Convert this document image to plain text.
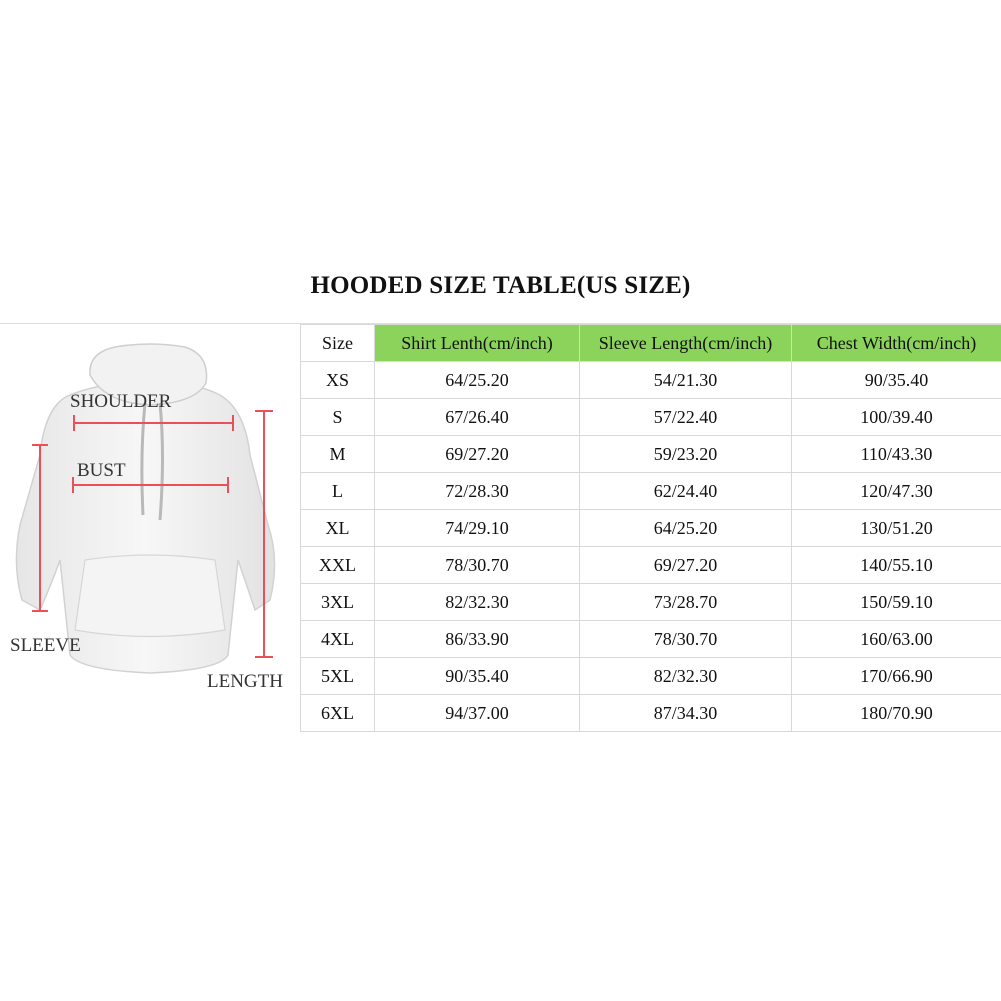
HOODED SIZE TABLE(US SIZE)
SHOULDER
BUST
SLEEVE
LENGTH
Size	Shirt Lenth(cm/inch)	Sleeve Length(cm/inch)	Chest Width(cm/inch)
XS	64/25.20	54/21.30	90/35.40
S	67/26.40	57/22.40	100/39.40
M	69/27.20	59/23.20	110/43.30
L	72/28.30	62/24.40	120/47.30
XL	74/29.10	64/25.20	130/51.20
XXL	78/30.70	69/27.20	140/55.10
3XL	82/32.30	73/28.70	150/59.10
4XL	86/33.90	78/30.70	160/63.00
5XL	90/35.40	82/32.30	170/66.90
6XL	94/37.00	87/34.30	180/70.90
